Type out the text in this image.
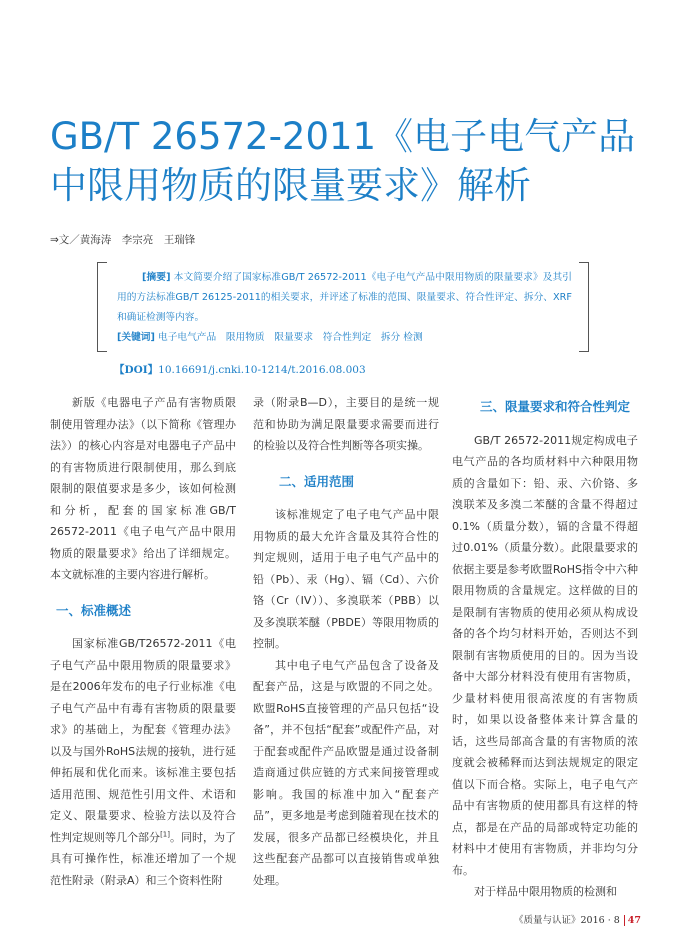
GB/T 26572-2011《电子电气产品
中限用物质的限量要求》解析
⇒文／黄海涛　李宗亮　王瑞锋

[摘要] 本文简要介绍了国家标准GB/T 26572-2011《电子电气产品中限用物质的限量要求》及其引用的方法标准GB/T 26125-2011的相关要求，并评述了标准的范围、限量要求、符合性评定、拆分、XRF和确证检测等内容。

[关键词] 电子电气产品　限用物质　限量要求　符合性判定　拆分 检测

【DOI】10.16691/j.cnki.10-1214/t.2016.08.003

新版《电器电子产品有害物质限制使用管理办法》（以下简称《管理办法》）的核心内容是对电器电子产品中的有害物质进行限制使用，那么到底限制的限值要求是多少，该如何检测和分析，配套的国家标准GB/T 26572-2011《电子电气产品中限用物质的限量要求》给出了详细规定。本文就标准的主要内容进行解析。

一、标准概述

国家标准GB/T26572-2011《电子电气产品中限用物质的限量要求》是在2006年发布的电子行业标准《电子电气产品中有毒有害物质的限量要求》的基础上，为配套《管理办法》以及与国外RoHS法规的接轨，进行延伸拓展和优化而来。该标准主要包括适用范围、规范性引用文件、术语和定义、限量要求、检验方法以及符合性判定规则等几个部分[1]。同时，为了具有可操作性，标准还增加了一个规范性附录（附录A）和三个资料性附

录（附录B—D），主要目的是统一规范和协助为满足限量要求需要而进行的检验以及符合性判断等各项实操。

二、适用范围

该标准规定了电子电气产品中限用物质的最大允许含量及其符合性的判定规则，适用于电子电气产品中的铅（Pb）、汞（Hg）、镉（Cd）、六价铬（Cr（IV））、多溴联苯（PBB）以及多溴联苯醚（PBDE）等限用物质的控制。

其中电子电气产品包含了设备及配套产品，这是与欧盟的不同之处。欧盟RoHS直接管理的产品只包括“设备”，并不包括“配套”或配件产品，对于配套或配件产品欧盟是通过设备制造商通过供应链的方式来间接管理或影响。我国的标准中加入“配套产品”，更多地是考虑到随着现在技术的发展，很多产品都已经模块化，并且这些配套产品都可以直接销售或单独处理。

三、限量要求和符合性判定

GB/T 26572-2011规定构成电子电气产品的各均质材料中六种限用物质的含量如下：铅、汞、六价铬、多溴联苯及多溴二苯醚的含量不得超过0.1%（质量分数），镉的含量不得超过0.01%（质量分数）。此限量要求的依据主要是参考欧盟RoHS指令中六种限用物质的含量规定。这样做的目的是限制有害物质的使用必须从构成设备的各个均匀材料开始，否则达不到限制有害物质使用的目的。因为当设备中大部分材料没有使用有害物质，少量材料使用很高浓度的有害物质时，如果以设备整体来计算含量的话，这些局部高含量的有害物质的浓度就会被稀释而达到法规规定的限定值以下而合格。实际上，电子电气产品中有害物质的使用都具有这样的特点，都是在产品的局部或特定功能的材料中才使用有害物质，并非均匀分布。

对于样品中限用物质的检测和

《质量与认证》2016 · 8 47
